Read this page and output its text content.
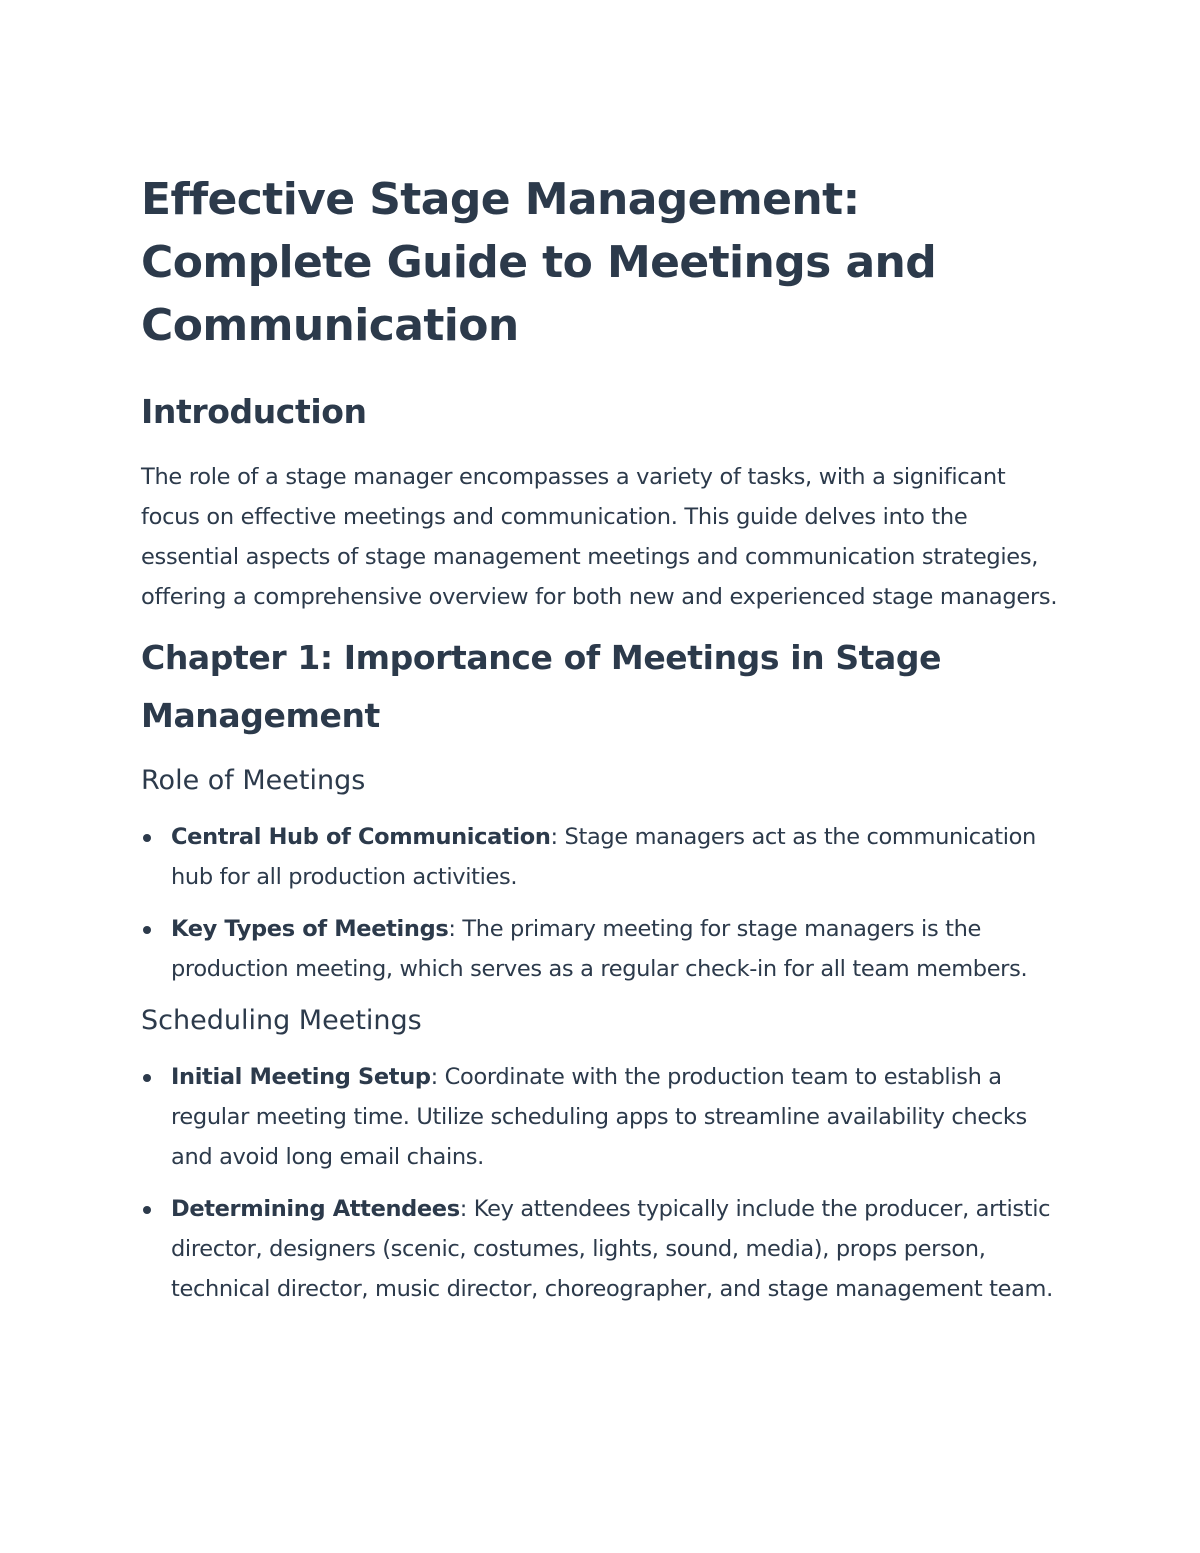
Effective Stage Management: Complete Guide to Meetings and Communication
Introduction

The role of a stage manager encompasses a variety of tasks, with a significant focus on effective meetings and communication. This guide delves into the essential aspects of stage management meetings and communication strategies, offering a comprehensive overview for both new and experienced stage managers.

Chapter 1: Importance of Meetings in Stage Management
Role of Meetings
Central Hub of Communication: Stage managers act as the communication hub for all production activities.
Key Types of Meetings: The primary meeting for stage managers is the production meeting, which serves as a regular check-in for all team members.
Scheduling Meetings
Initial Meeting Setup: Coordinate with the production team to establish a regular meeting time. Utilize scheduling apps to streamline availability checks and avoid long email chains.
Determining Attendees: Key attendees typically include the producer, artistic director, designers (scenic, costumes, lights, sound, media), props person, technical director, music director, choreographer, and stage management team.
